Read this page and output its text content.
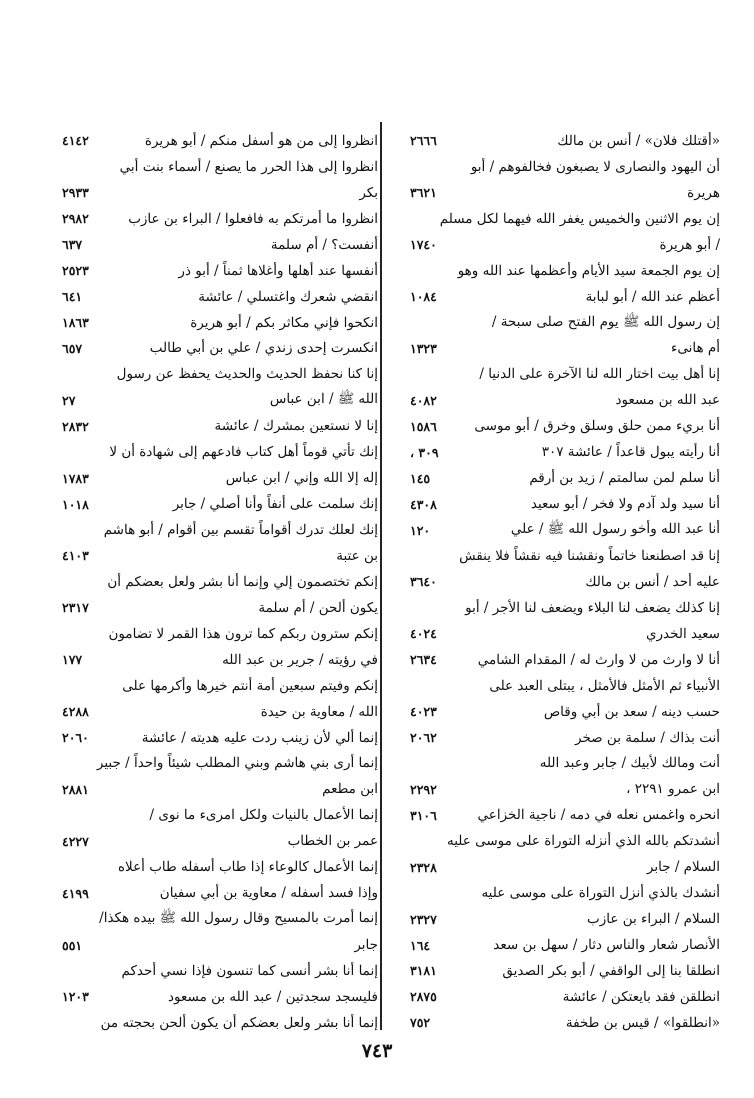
٢٦٦٦	«أقتلك فلان» / أنس بن مالك
أن اليهود والنصارى لا يصبغون فخالفوهم / أبو
٣٦٢١	هريرة
إن يوم الاثنين والخميس يغفر الله فيهما لكل مسلم
١٧٤٠	/ أبو هريرة
إن يوم الجمعة سيد الأيام وأعظمها عند الله وهو
١٠٨٤	أعظم عند الله / أبو لبابة
إن رسول الله ﷺ يوم الفتح صلى سبحة /
١٣٢٣	أم هانىء
إنا أهل بيت اختار الله لنا الآخرة على الدنيا /
٤٠٨٢	عبد الله بن مسعود
١٥٨٦	أنا بريء ممن حلق وسلق وخرق / أبو موسى
، ٣٠٩	أنا رأيته يبول قاعداً / عائشة ٣٠٧
١٤٥	أنا سلم لمن سالمتم / زيد بن أرقم
٤٣٠٨	أنا سيد ولد آدم ولا فخر / أبو سعيد
١٢٠	أنا عبد الله وأخو رسول الله ﷺ / علي
إنا قد اصطنعنا خاتماً ونقشنا فيه نقشاً فلا ينقش
٣٦٤٠	عليه أحد / أنس بن مالك
إنا كذلك يضعف لنا البلاء ويضعف لنا الأجر / أبو
٤٠٢٤	سعيد الخدري
٢٦٣٤	أنا لا وارث من لا وارث له / المقدام الشامي
الأنبياء ثم الأمثل فالأمثل ، يبتلى العبد على
٤٠٢٣	حسب دينه / سعد بن أبي وقاص
٢٠٦٢	أنت بذاك / سلمة بن صخر
أنت ومالك لأبيك / جابر وعبد الله
٢٢٩٢	ابن عمرو ٢٢٩١ ،
٣١٠٦	انحره واغمس نعله في دمه / ناجية الخزاعي
أنشدتكم بالله الذي أنزله التوراة على موسى عليه
٢٣٢٨	السلام / جابر
أنشدك بالذي أنزل التوراة على موسى عليه
٢٣٢٧	السلام / البراء بن عازب
١٦٤	الأنصار شعار والناس دثار / سهل بن سعد
٣١٨١	انطلقا بنا إلى الواقفي / أبو بكر الصديق
٢٨٧٥	انطلقن فقد بايعتكن / عائشة
٧٥٢	«انطلقوا» / قيس بن طخفة
٤١٤٢	انظروا إلى من هو أسفل منكم / أبو هريرة
انظروا إلى هذا الحرر ما يصنع / أسماء بنت أبي
٢٩٣٣	بكر
٢٩٨٢	انظروا ما أمرتكم به فافعلوا / البراء بن عازب
٦٣٧	أنفست؟ / أم سلمة
٢٥٢٣	أنفسها عند أهلها وأغلاها ثمناً / أبو ذر
٦٤١	انقضي شعرك واغتسلي / عائشة
١٨٦٣	انكحوا فإني مكاثر بكم / أبو هريرة
٦٥٧	انكسرت إحدى زندي / علي بن أبي طالب
إنا كنا نحفظ الحديث والحديث يحفظ عن رسول
٢٧	الله ﷺ / ابن عباس
٢٨٣٢	إنا لا نستعين بمشرك / عائشة
إنك تأتي قوماً أهل كتاب فادعهم إلى شهادة أن لا
١٧٨٣	إله إلا الله وإني / ابن عباس
١٠١٨	إنك سلمت على أنفاً وأنا أصلي / جابر
إنك لعلك تدرك أقواماً تقسم بين أقوام / أبو هاشم
٤١٠٣	بن عتبة
إنكم تختصمون إلي وإنما أنا بشر ولعل بعضكم أن
٢٣١٧	يكون ألحن / أم سلمة
إنكم سترون ربكم كما ترون هذا القمر لا تضامون
١٧٧	في رؤيته / جرير بن عبد الله
إنكم وفيتم سبعين أمة أنتم خيرها وأكرمها على
٤٢٨٨	الله / معاوية بن حيدة
٢٠٦٠	إنما ألي لأن زينب ردت عليه هديته / عائشة
إنما أرى بني هاشم وبني المطلب شيئاً واحداً / جبير
٢٨٨١	ابن مطعم
إنما الأعمال بالنيات ولكل امرىء ما نوى /
٤٢٢٧	عمر بن الخطاب
إنما الأعمال كالوعاء إذا طاب أسفله طاب أعلاه
٤١٩٩	وإذا فسد أسفله / معاوية بن أبي سفيان
إنما أمرت بالمسيح وقال رسول الله ﷺ بيده هكذا/
٥٥١	جابر
إنما أنا بشر أنسى كما تنسون فإذا نسي أحدكم
١٢٠٣	فليسجد سجدتين / عبد الله بن مسعود
إنما أنا بشر ولعل بعضكم أن يكون ألحن بحجته من
٧٤٣
